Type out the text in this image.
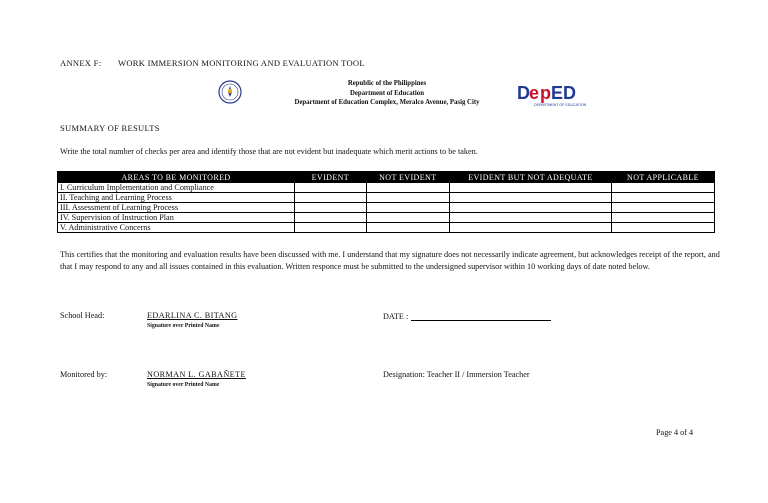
ANNEX F: WORK IMMERSION MONITORING AND EVALUATION TOOL
Republic of the Philippines
Department of Education
Department of Education Complex, Meralco Avenue, Pasig City	D e p ED
DEPARTMENT OF EDUCATION
SUMMARY OF RESULTS
Write the total number of checks per area and identify those that are not evident but inadequate which merit actions to be taken.
AREAS TO BE MONITORED	EVIDENT	NOT EVIDENT	EVIDENT BUT NOT ADEQUATE	NOT APPLICABLE
I. Curriculum Implementation and Compliance				
II. Teaching and Learning Process				
III. Assessment of Learning Process				
IV. Supervision of Instruction Plan				
V. Administrative Concerns				
This certifies that the monitoring and evaluation results have been discussed with me. I understand that my signature does not necessarily indicate agreement, but acknowledges receipt of the report, and that I may respond to any and all issues contained in this evaluation. Written responce must be submitted to the undersigned supervisor within 10 working days of date noted below.
School Head:	EDARLINA C. BITANG
Signature over Printed Name
DATE :
Monitored by:	NORMAN L. GABAÑETE
Signature over Printed Name
Designation: Teacher II / Immersion Teacher
Page 4 of 4
